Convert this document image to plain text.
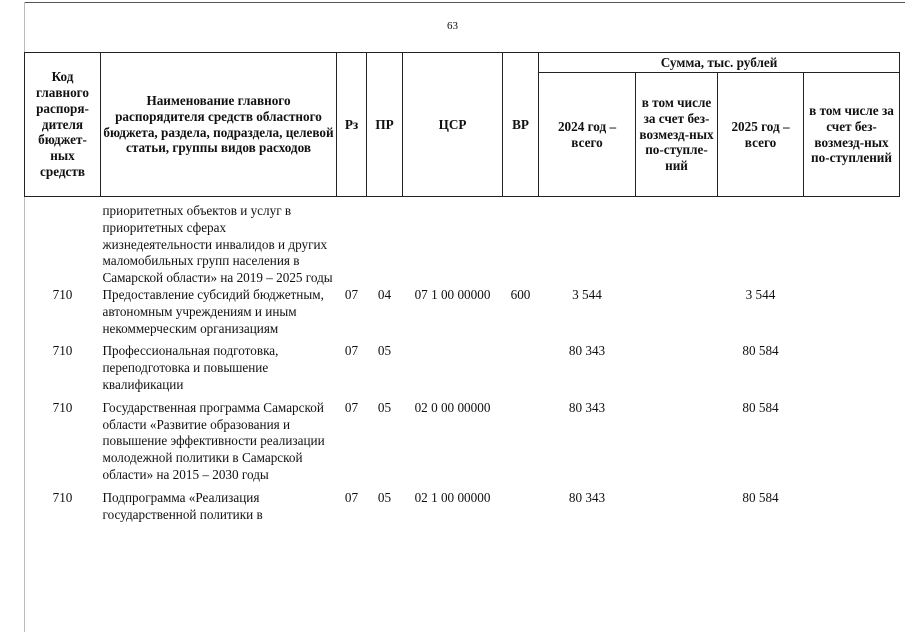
63
Код главного распоря-дителя бюджет-ных средств	Наименование главного распорядителя средств областного бюджета, раздела, подраздела, целевой статьи, группы видов расходов	Рз	ПР	ЦСР	ВР	Сумма, тыс. рублей			
						2024 год – всего	в том числе за счет без-возмезд-ных по-ступле-ний	2025 год – всего	в том числе за счет без-возмезд-ных по-ступлений
	приоритетных объектов и услуг в приоритетных сферах жизнедеятельности инвалидов и других маломобильных групп населения в Самарской области» на 2019 – 2025 годы								
710	Предоставление субсидий бюджетным, автономным учреждениям и иным некоммерческим организациям	07	04	07 1 00 00000	600	3 544		3 544	
710	Профессиональная подготовка, переподготовка и повышение квалификации	07	05			80 343		80 584	
710	Государственная программа Самарской области «Развитие образования и повышение эффективности реализации молодежной политики в Самарской области» на 2015 – 2030 годы	07	05	02 0 00 00000		80 343		80 584	
710	Подпрограмма «Реализация государственной политики в	07	05	02 1 00 00000		80 343		80 584	
